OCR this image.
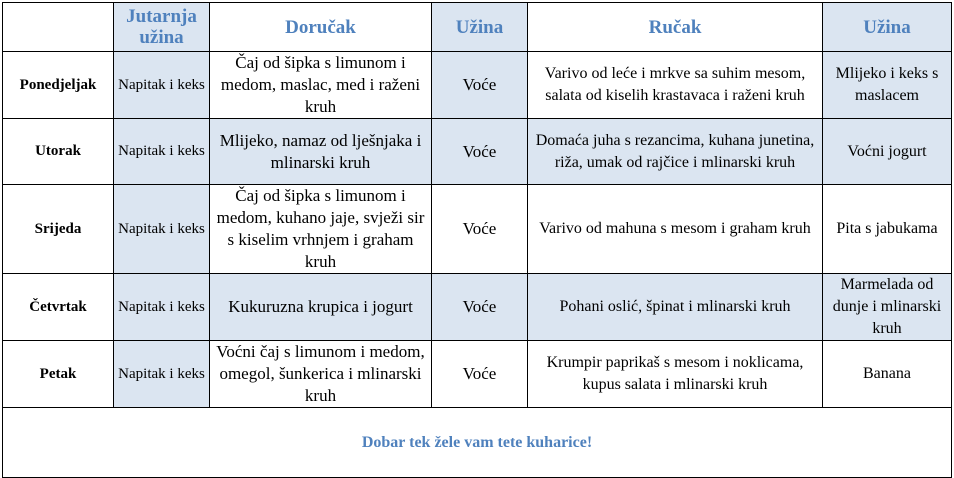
	Jutarnja užina	Doručak	Užina	Ručak	Užina
Ponedjeljak	Napitak i keks	Čaj od šipka s limunom i medom, maslac, med i raženi kruh	Voće	Varivo od leće i mrkve sa suhim mesom, salata od kiselih krastavaca i raženi kruh	Mlijeko i keks s maslacem
Utorak	Napitak i keks	Mlijeko, namaz od lješnjaka i mlinarski kruh	Voće	Domaća juha s rezancima, kuhana junetina, riža, umak od rajčice i mlinarski kruh	Voćni jogurt
Srijeda	Napitak i keks	Čaj od šipka s limunom i medom, kuhano jaje, svježi sir s kiselim vrhnjem i graham kruh	Voće	Varivo od mahuna s mesom i graham kruh	Pita s jabukama
Četvrtak	Napitak i keks	Kukuruzna krupica i jogurt	Voće	Pohani oslić, špinat i mlinarski kruh	Marmelada od dunje i mlinarski kruh
Petak	Napitak i keks	Voćni čaj s limunom i medom, omegol, šunkerica i mlinarski kruh	Voće	Krumpir paprikaš s mesom i noklicama, kupus salata i mlinarski kruh	Banana
Dobar tek žele vam tete kuharice!					
